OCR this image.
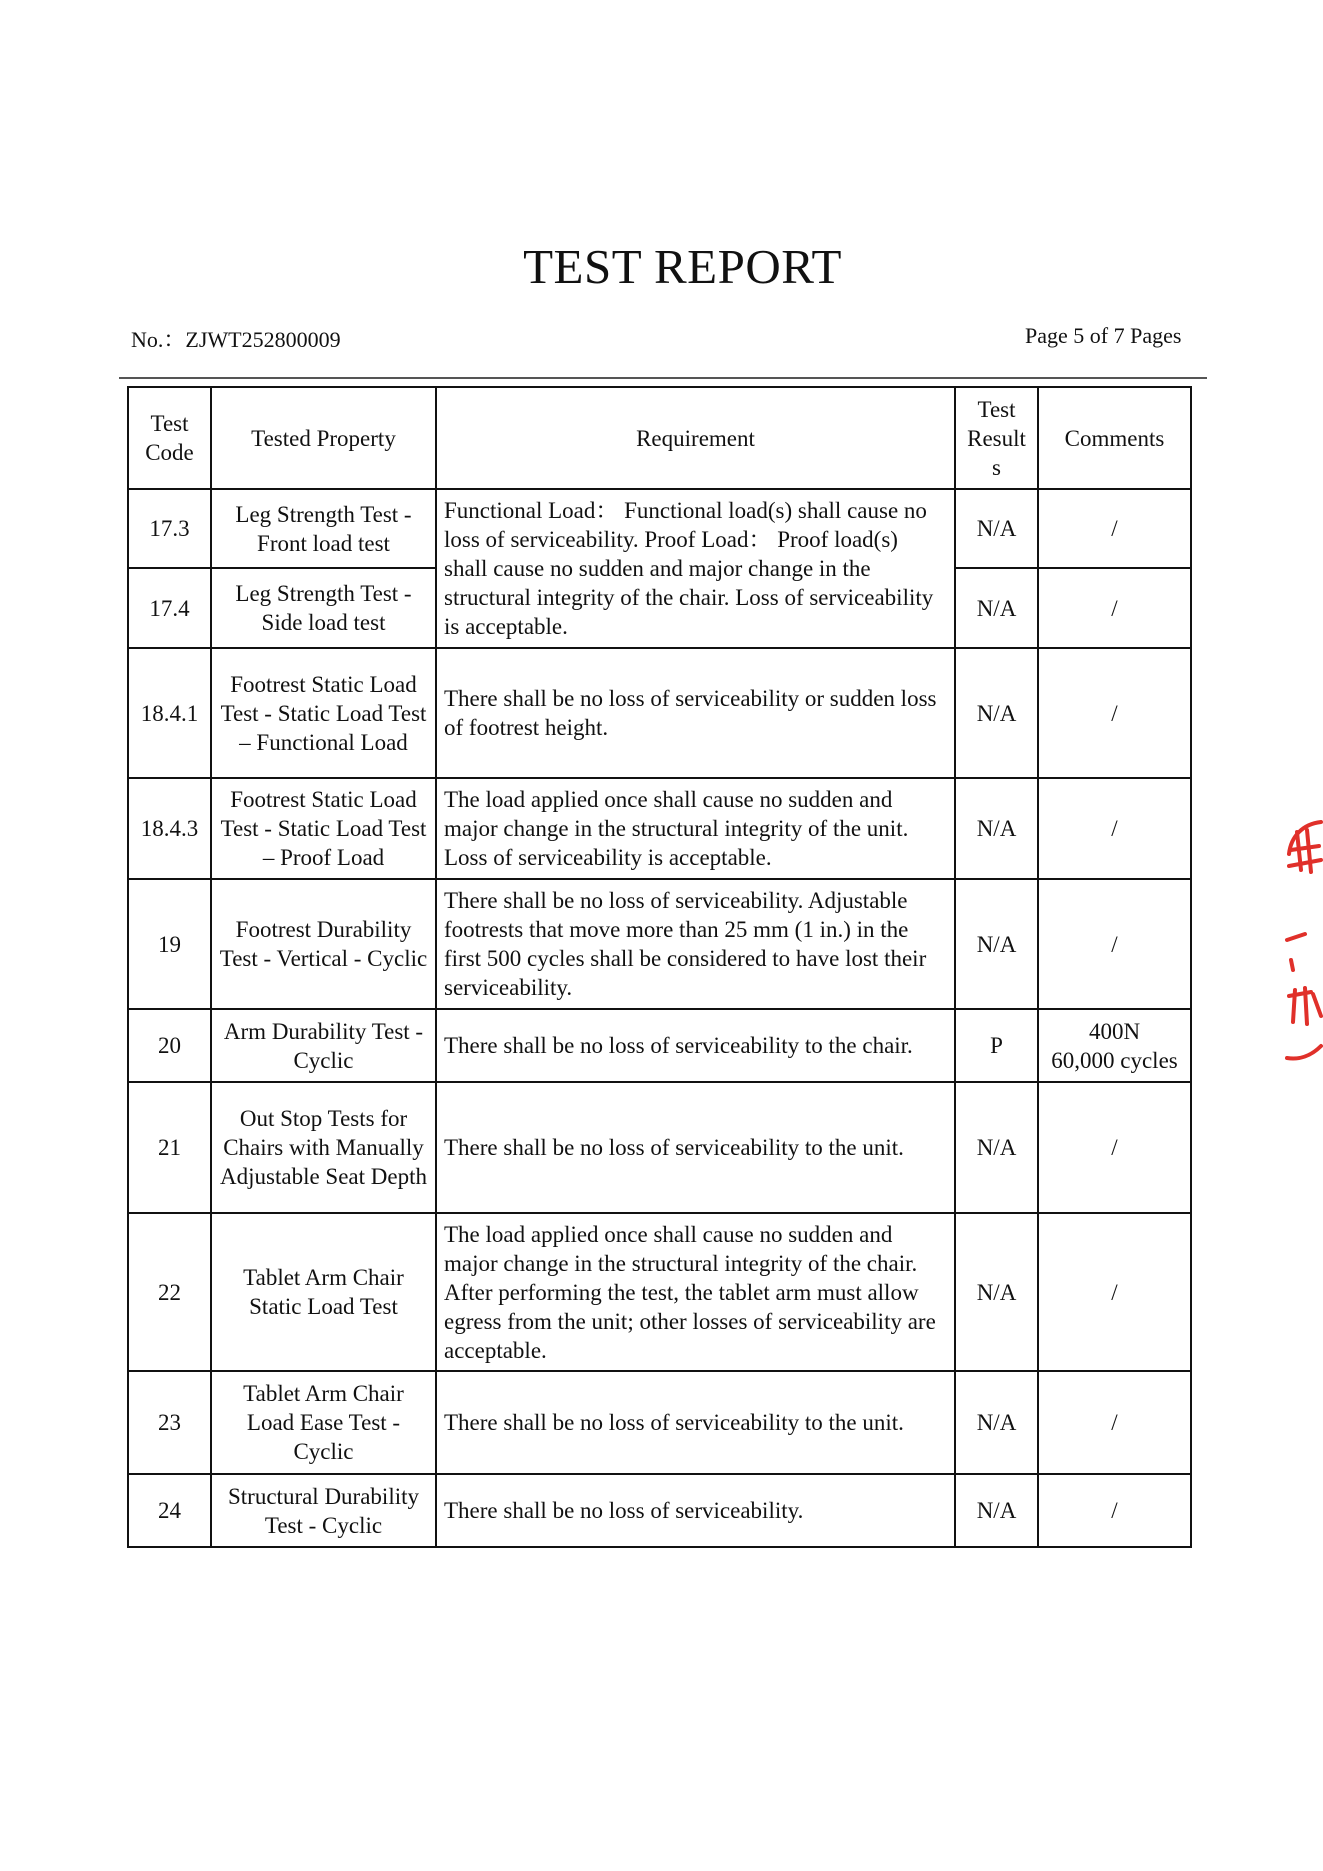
TEST REPORT
No.：ZJWT252800009	Page 5 of 7 Pages
Test Code	Tested Property	Requirement	Test Result s	Comments
17.3	Leg Strength Test - Front load test	Functional Load： Functional load(s) shall cause no loss of serviceability. Proof Load： Proof load(s) shall cause no sudden and major change in the structural integrity of the chair. Loss of serviceability is acceptable.	N/A	/
17.4	Leg Strength Test - Side load test		N/A	/
18.4.1	Footrest Static Load Test - Static Load Test – Functional Load	There shall be no loss of serviceability or sudden loss of footrest height.	N/A	/
18.4.3	Footrest Static Load Test - Static Load Test – Proof Load	The load applied once shall cause no sudden and major change in the structural integrity of the unit. Loss of serviceability is acceptable.	N/A	/
19	Footrest Durability Test - Vertical - Cyclic	There shall be no loss of serviceability. Adjustable footrests that move more than 25 mm (1 in.) in the first 500 cycles shall be considered to have lost their serviceability.	N/A	/
20	Arm Durability Test - Cyclic	There shall be no loss of serviceability to the chair.	P	400N
60,000 cycles

21	Out Stop Tests for Chairs with Manually Adjustable Seat Depth	There shall be no loss of serviceability to the unit.	N/A	/
22	Tablet Arm Chair Static Load Test	The load applied once shall cause no sudden and major change in the structural integrity of the chair. After performing the test, the tablet arm must allow egress from the unit; other losses of serviceability are acceptable.	N/A	/
23	Tablet Arm Chair Load Ease Test - Cyclic	There shall be no loss of serviceability to the unit.	N/A	/
24	Structural Durability Test - Cyclic	There shall be no loss of serviceability.	N/A	/
